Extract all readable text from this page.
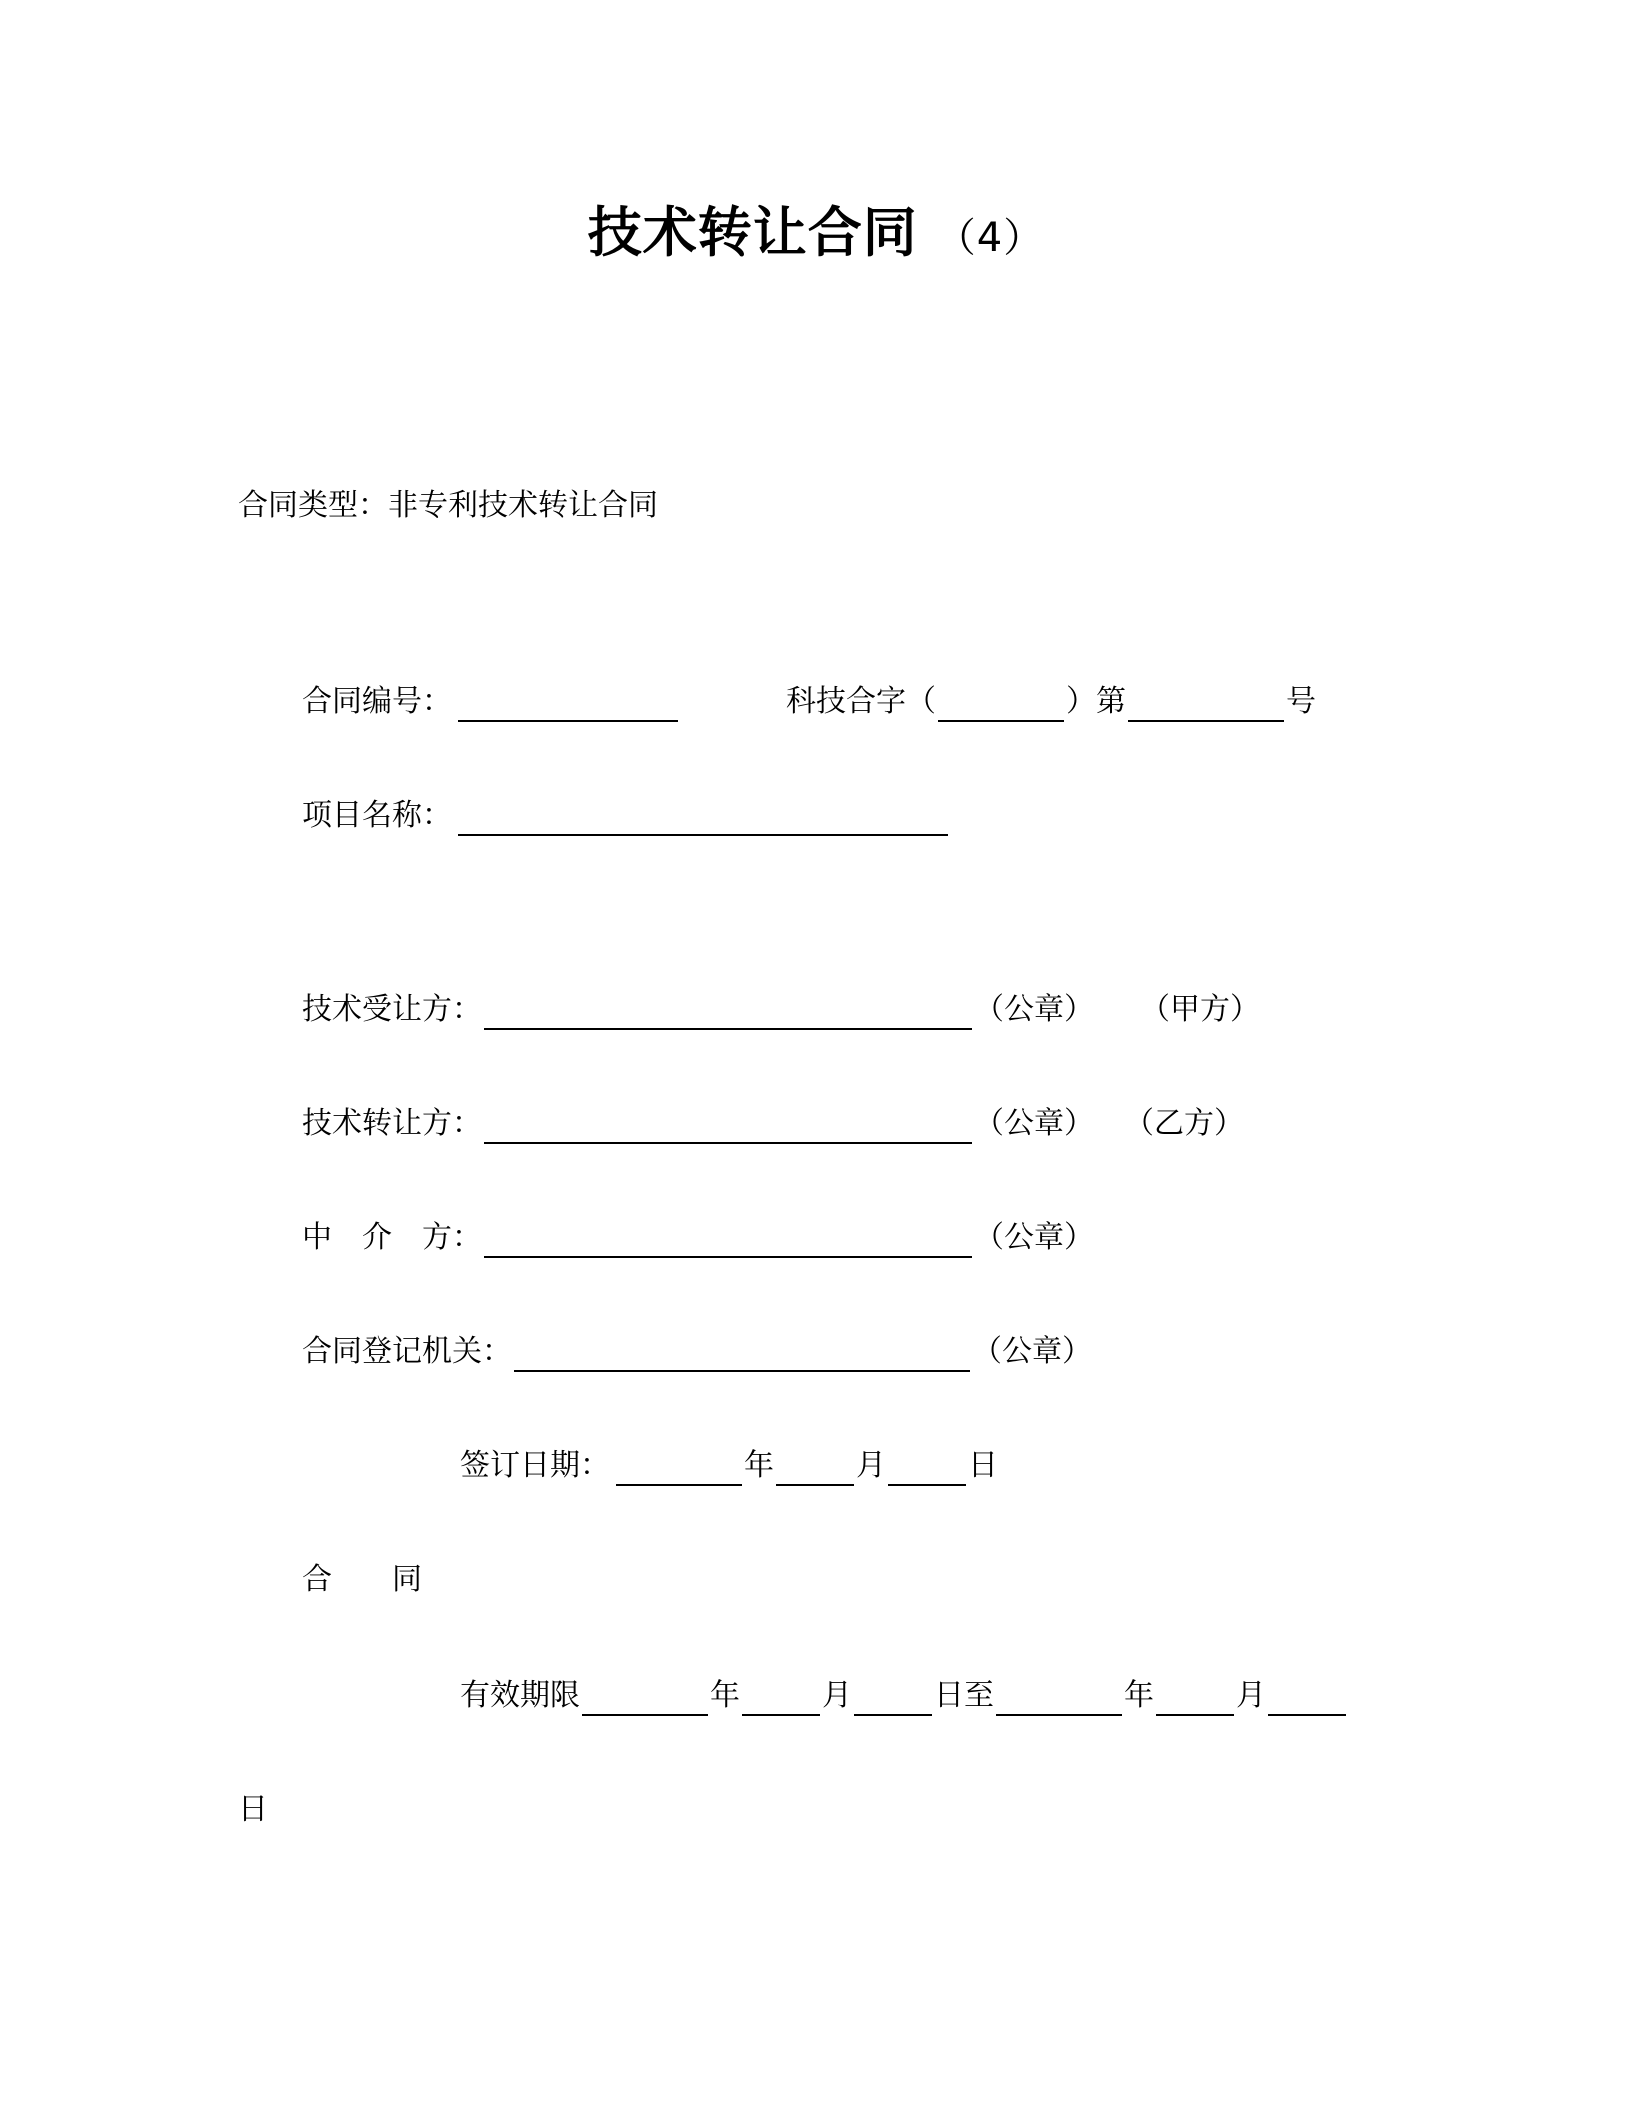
技术转让合同 （4）
合同类型： 非专利技术转让合同
合同编号：	科技合字（	）第	号
项目名称：
技术受让方：	（公章） （甲方）
技术转让方：	（公章） （乙方）
中　介　方：	（公章）
合同登记机关：	（公章）
签订日期：	年	月	日
合　　同
有效期限	年	月	日至	年	月
日
